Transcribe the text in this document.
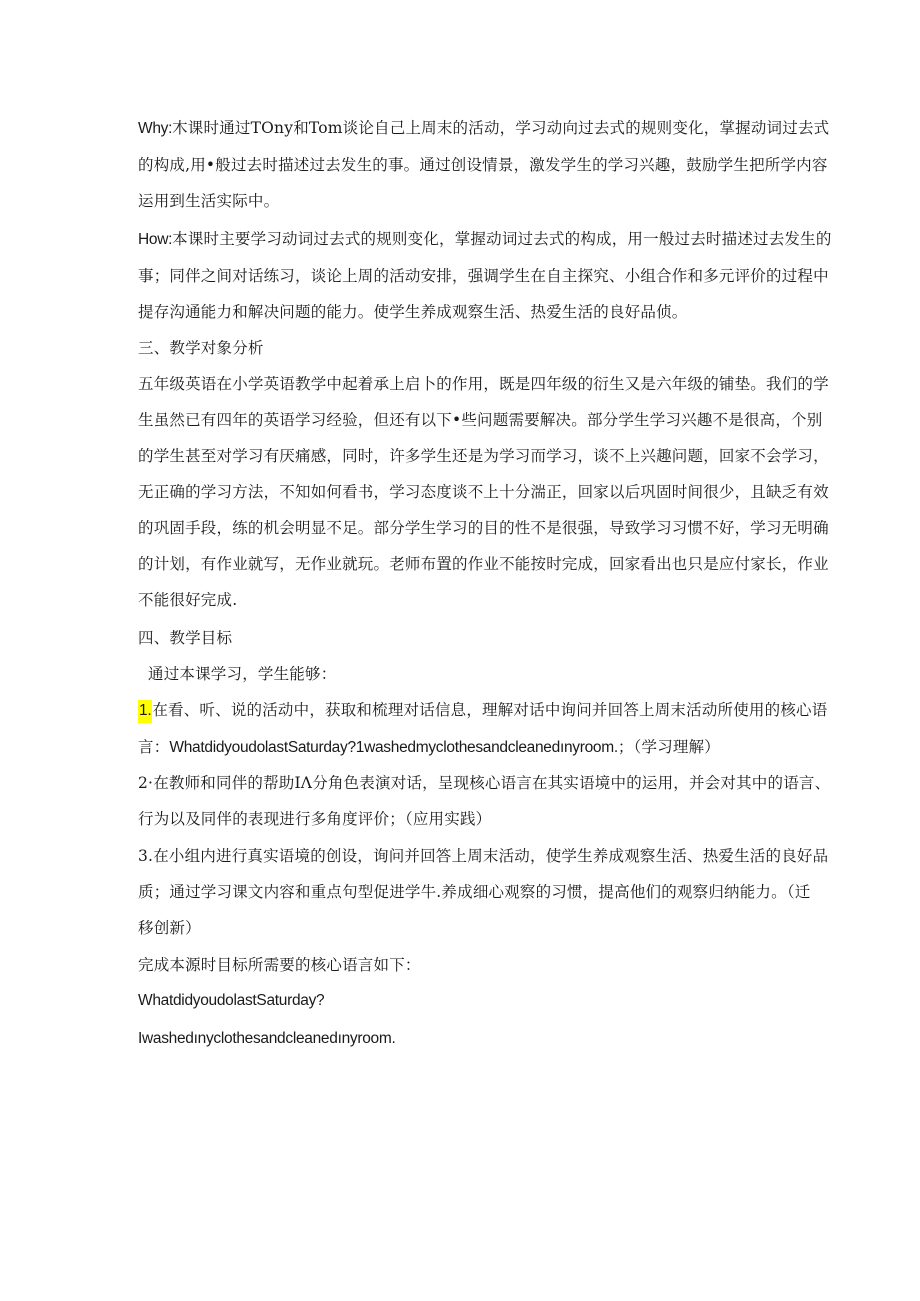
Why:木课时通过TOny和Tom谈论自己上周末的活动，学习动向过去式的规则变化，掌握动词过去式
的构成,用•般过去时描述过去发生的事。通过创设情景，激发学生的学习兴趣，鼓励学生把所学内容
运用到生活实际中。
How:本课时主要学习动词过去式的规则变化，掌握动词过去式的构成，用一般过去时描述过去发生的
事；同伴之间对话练习，谈论上周的活动安排，强调学生在自主探究、小组合作和多元评价的过程中
提存沟通能力和解决问题的能力。使学生养成观察生活、热爱生活的良好品侦。
三、教学对象分析
五年级英语在小学英语教学中起着承上启卜的作用，既是四年级的衍生又是六年级的铺垫。我们的学
生虽然已有四年的英语学习经验，但还有以下•些问题需要解决。部分学生学习兴趣不是很高，个别
的学生甚至对学习有厌痛感，同时，许多学生还是为学习而学习，谈不上兴趣问题，回家不会学习，
无正确的学习方法，不知如何看书，学习态度谈不上十分湍正，回家以后巩固时间很少，且缺乏有效
的巩固手段，练的机会明显不足。部分学生学习的目的性不是很强，导致学习习惯不好，学习无明确
的计划，有作业就写，无作业就玩。老师布置的作业不能按时完成，回家看出也只是应付家长，作业
不能很好完成.
四、教学目标
通过本课学习，学生能够：
1.在看、听、说的活动中，获取和梳理对话信息，理解对话中询问并回答上周末活动所使用的核心语
言：WhatdidyoudolastSaturday?1washedmyclothesandcleanedınyroom.；（学习理解）
2·在教师和同伴的帮助IΛ分角色表演对话，呈现核心语言在其实语境中的运用，并会对其中的语言、
行为以及同伴的表现进行多角度评价；（应用实践）
3.在小组内进行真实语境的创设，询问并回答上周末活动，使学生养成观察生活、热爱生活的良好品
质；通过学习课文内容和重点句型促进学牛.养成细心观察的习惯，提高他们的观察归纳能力。（迁
移创新）
完成本源时目标所需要的核心语言如下：
WhatdidyoudolastSaturday?
Iwashedınyclothesandcleanedınyroom.
